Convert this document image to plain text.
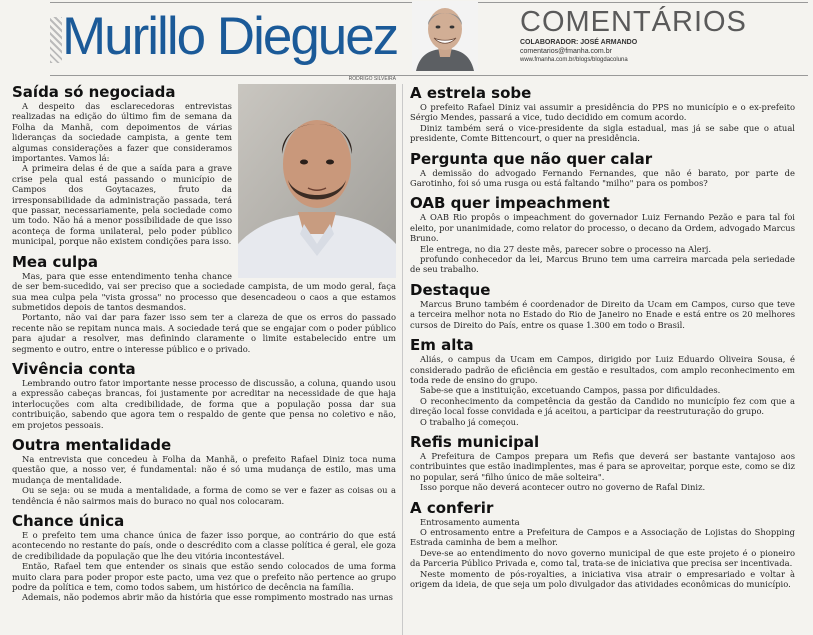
Murillo Dieguez	COMENTÁRIOS
COLABORADOR: JOSÉ ARMANDO
comentarios@fmanha.com.br
www.fmanha.com.br/blogs/blogdacoluna
RODRIGO SILVEIRA
Saída só negociada

A despeito das esclarecedoras entrevistas realizadas na edição do último fim de semana da Folha da Manhã, com depoimentos de várias lideranças da sociedade campista, a gente tem algumas considerações a fazer que consideramos importantes. Vamos lá:

A primeira delas é de que a saída para a grave crise pela qual está passando o município de Campos dos Goytacazes, fruto da irresponsabilidade da administração passada, terá que passar, necessariamente, pela sociedade como um todo. Não há a menor possibilidade de que isso aconteça de forma unilateral, pelo poder público municipal, porque não existem condições para isso.

Mea culpa

Mas, para que esse entendimento tenha chance de ser bem-sucedido, vai ser preciso que a sociedade campista, de um modo geral, faça sua mea culpa pela "vista grossa" no processo que desencadeou o caos a que estamos submetidos depois de tantos desmandos.

Portanto, não vai dar para fazer isso sem ter a clareza de que os erros do passado recente não se repitam nunca mais. A sociedade terá que se engajar com o poder público para ajudar a resolver, mas definindo claramente o limite estabelecido entre um segmento e outro, entre o interesse público e o privado.

Vivência conta

Lembrando outro fator importante nesse processo de discussão, a coluna, quando usou a expressão cabeças brancas, foi justamente por acreditar na necessidade de que haja interlocuções com alta credibilidade, de forma que a população possa dar sua contribuição, sabendo que agora tem o respaldo de gente que pensa no coletivo e não, em projetos pessoais.

Outra mentalidade

Na entrevista que concedeu à Folha da Manhã, o prefeito Rafael Diniz toca numa questão que, a nosso ver, é fundamental: não é só uma mudança de estilo, mas uma mudança de mentalidade.

Ou se seja: ou se muda a mentalidade, a forma de como se ver e fazer as coisas ou a tendência é não sairmos mais do buraco no qual nos colocaram.

Chance única

E o prefeito tem uma chance única de fazer isso porque, ao contrário do que está acontecendo no restante do país, onde o descrédito com a classe política é geral, ele goza de credibilidade da população que lhe deu vitória incontestável.

Então, Rafael tem que entender os sinais que estão sendo colocados de uma forma muito clara para poder propor este pacto, uma vez que o prefeito não pertence ao grupo podre da política e tem, como todos sabem, um histórico de decência na família.

Ademais, não podemos abrir mão da história que esse rompimento mostrado nas urnas

A estrela sobe

O prefeito Rafael Diniz vai assumir a presidência do PPS no município e o ex-prefeito Sérgio Mendes, passará a vice, tudo decidido em comum acordo.

Diniz também será o vice-presidente da sigla estadual, mas já se sabe que o atual presidente, Comte Bittencourt, o quer na presidência.

Pergunta que não quer calar

A demissão do advogado Fernando Fernandes, que não é barato, por parte de Garotinho, foi só uma rusga ou está faltando "milho" para os pombos?

OAB quer impeachment

A OAB Rio propôs o impeachment do governador Luiz Fernando Pezão e para tal foi eleito, por unanimidade, como relator do processo, o decano da Ordem, advogado Marcus Bruno.

Ele entrega, no dia 27 deste mês, parecer sobre o processo na Alerj.

profundo conhecedor da lei, Marcus Bruno tem uma carreira marcada pela seriedade de seu trabalho.

Destaque

Marcus Bruno também é coordenador de Direito da Ucam em Campos, curso que teve a terceira melhor nota no Estado do Rio de Janeiro no Enade e está entre os 20 melhores cursos de Direito do País, entre os quase 1.300 em todo o Brasil.

Em alta

Aliás, o campus da Ucam em Campos, dirigido por Luiz Eduardo Oliveira Sousa, é considerado padrão de eficiência em gestão e resultados, com amplo reconhecimento em toda rede de ensino do grupo.

Sabe-se que a instituição, excetuando Campos, passa por dificuldades.

O reconhecimento da competência da gestão da Candido no município fez com que a direção local fosse convidada e já aceitou, a participar da reestruturação do grupo.

O trabalho já começou.

Refis municipal

A Prefeitura de Campos prepara um Refis que deverá ser bastante vantajoso aos contribuintes que estão inadimplentes, mas é para se aproveitar, porque este, como se diz no popular, será "filho único de mãe solteira".

Isso porque não deverá acontecer outro no governo de Rafal Diniz.

A conferir

Entrosamento aumenta

O entrosamento entre a Prefeitura de Campos e a Associação de Lojistas do Shopping Estrada caminha de bem a melhor.

Deve-se ao entendimento do novo governo municipal de que este projeto é o pioneiro da Parceria Público Privada e, como tal, trata-se de iniciativa que precisa ser incentivada.

Neste momento de pós-royalties, a iniciativa visa atrair o empresariado e voltar à origem da ideia, de que seja um polo divulgador das atividades econômicas do município.
